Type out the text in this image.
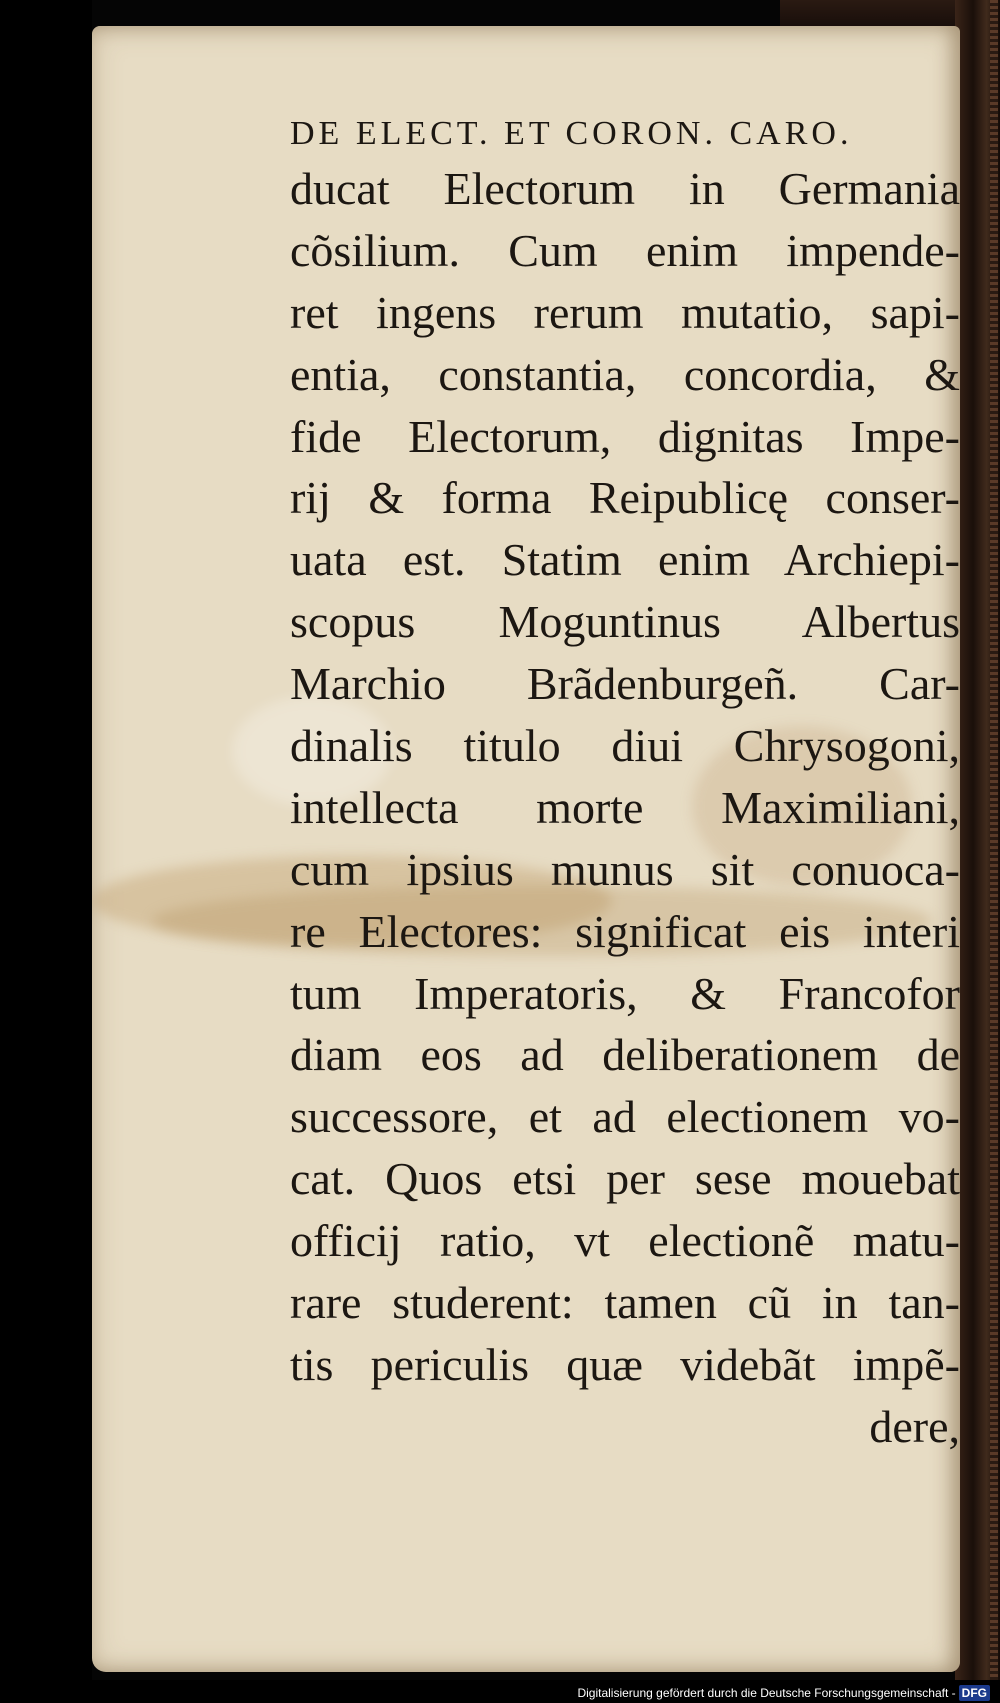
DE ELECT. ET CORON. CARO.
ducat Electorum in Germania
cõsilium. Cum enim impende-
ret ingens rerum mutatio, sapi-
entia, constantia, concordia, &
fide Electorum, dignitas Impe-
rij & forma Reipublicę conser-
uata est. Statim enim Archiepi-
scopus Moguntinus Albertus
Marchio Brãdenburgeñ. Car-
dinalis titulo diui Chrysogoni,
intellecta morte Maximiliani,
cum ipsius munus sit conuoca-
re Electores: significat eis interi
tum Imperatoris, & Francofor
diam eos ad deliberationem de
successore, et ad electionem vo-
cat. Quos etsi per sese mouebat
officij ratio, vt electionẽ matu-
rare studerent: tamen cũ in tan-
tis periculis quæ videbãt impẽ-
dere,
Digitalisierung gefördert durch die Deutsche Forschungsgemeinschaft - DFG
